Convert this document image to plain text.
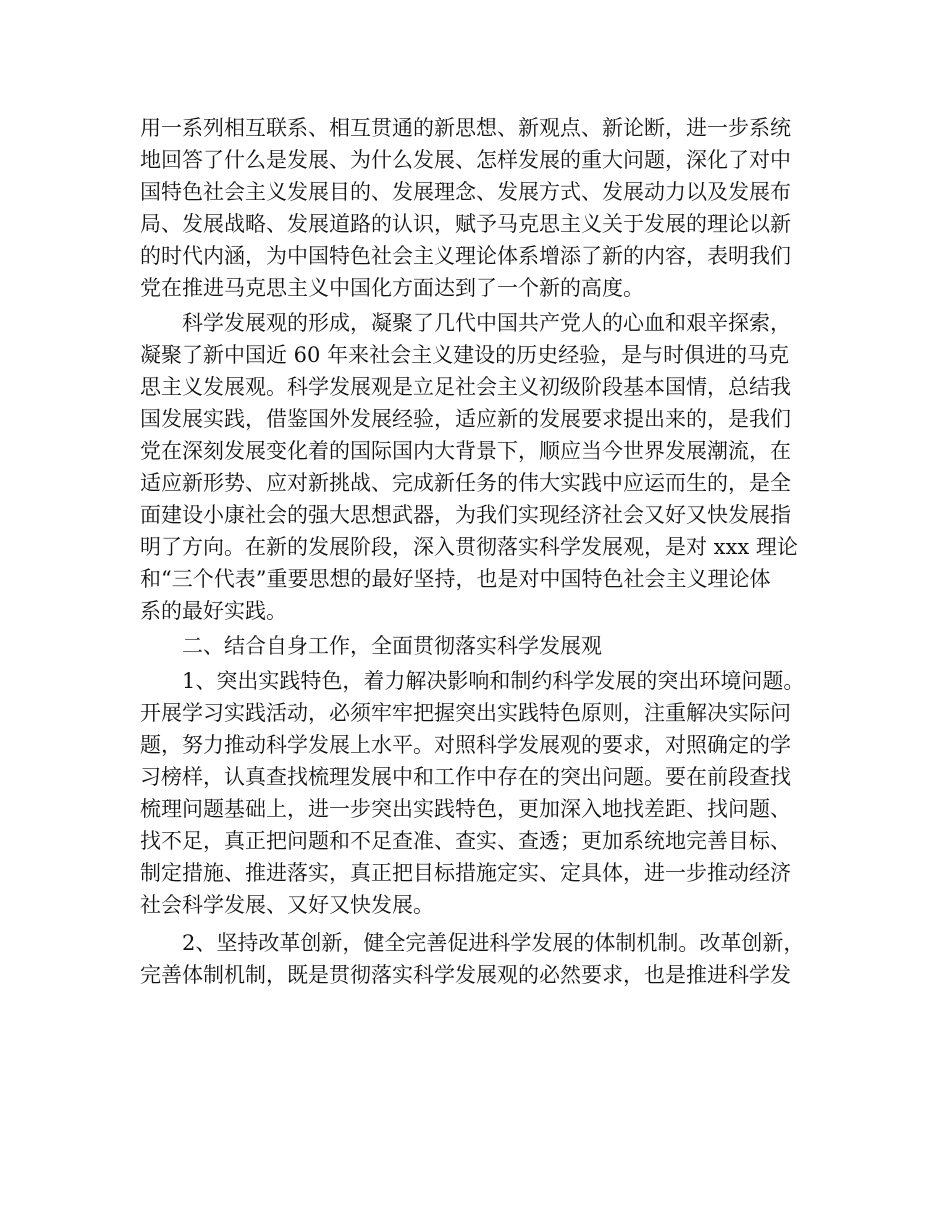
用一系列相互联系、相互贯通的新思想、新观点、新论断，进一步系统
地回答了什么是发展、为什么发展、怎样发展的重大问题，深化了对中
国特色社会主义发展目的、发展理念、发展方式、发展动力以及发展布
局、发展战略、发展道路的认识，赋予马克思主义关于发展的理论以新
的时代内涵，为中国特色社会主义理论体系增添了新的内容，表明我们
党在推进马克思主义中国化方面达到了一个新的高度。
　　科学发展观的形成，凝聚了几代中国共产党人的心血和艰辛探索，
凝聚了新中国近 60 年来社会主义建设的历史经验，是与时俱进的马克
思主义发展观。科学发展观是立足社会主义初级阶段基本国情，总结我
国发展实践，借鉴国外发展经验，适应新的发展要求提出来的，是我们
党在深刻发展变化着的国际国内大背景下，顺应当今世界发展潮流，在
适应新形势、应对新挑战、完成新任务的伟大实践中应运而生的，是全
面建设小康社会的强大思想武器，为我们实现经济社会又好又快发展指
明了方向。在新的发展阶段，深入贯彻落实科学发展观，是对 xxx 理论
和“三个代表”重要思想的最好坚持，也是对中国特色社会主义理论体
系的最好实践。
　　二、结合自身工作，全面贯彻落实科学发展观
　　1、突出实践特色，着力解决影响和制约科学发展的突出环境问题。
开展学习实践活动，必须牢牢把握突出实践特色原则，注重解决实际问
题，努力推动科学发展上水平。对照科学发展观的要求，对照确定的学
习榜样，认真查找梳理发展中和工作中存在的突出问题。要在前段查找
梳理问题基础上，进一步突出实践特色，更加深入地找差距、找问题、
找不足，真正把问题和不足查准、查实、查透；更加系统地完善目标、
制定措施、推进落实，真正把目标措施定实、定具体，进一步推动经济
社会科学发展、又好又快发展。
　　2、坚持改革创新，健全完善促进科学发展的体制机制。改革创新，
完善体制机制，既是贯彻落实科学发展观的必然要求，也是推进科学发
